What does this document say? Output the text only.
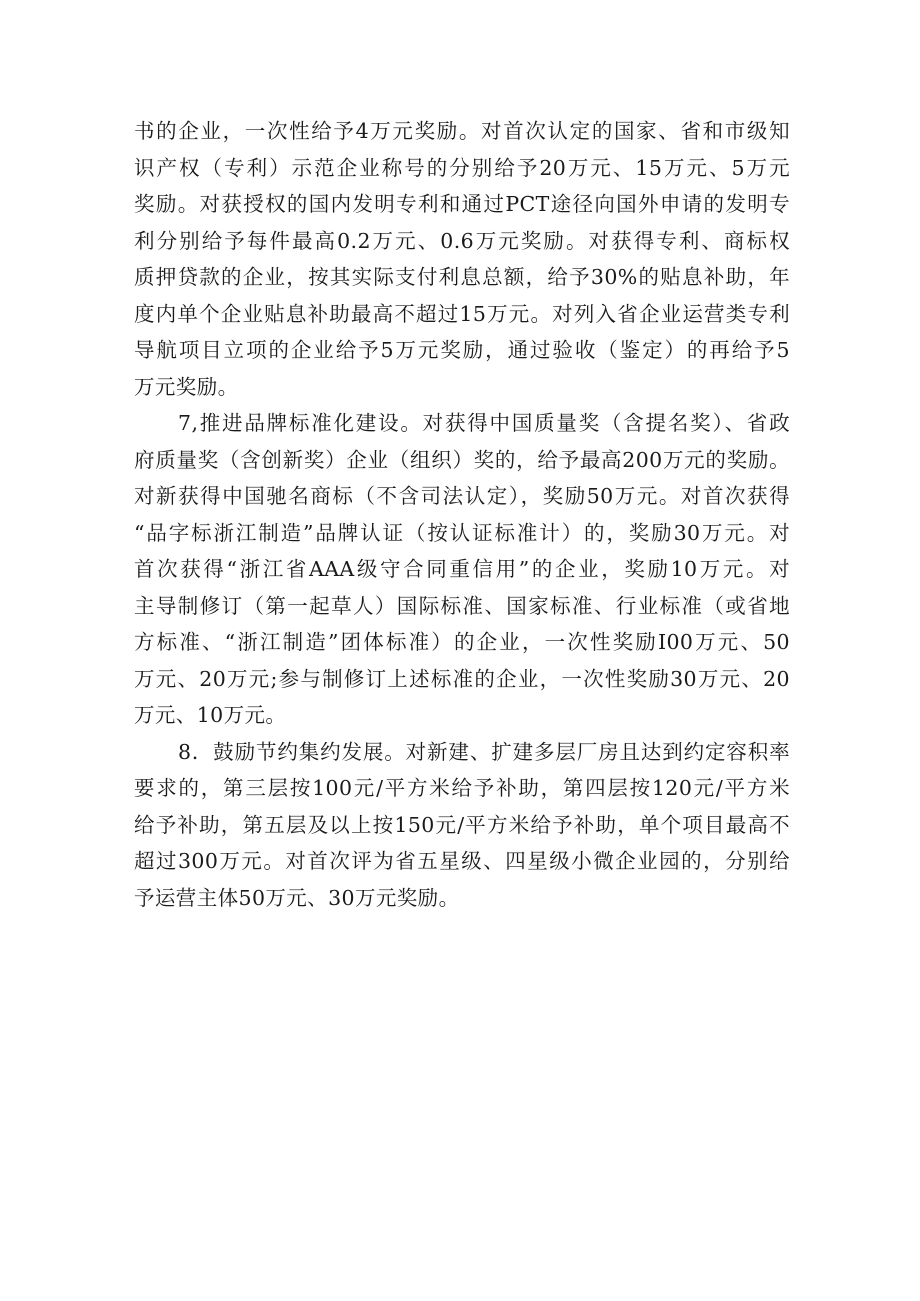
书的企业，一次性给予4万元奖励。对首次认定的国家、省和市级知
识产权（专利）示范企业称号的分别给予20万元、15万元、5万元
奖励。对获授权的国内发明专利和通过PCT途径向国外申请的发明专
利分别给予每件最高0.2万元、0.6万元奖励。对获得专利、商标权
质押贷款的企业，按其实际支付利息总额，给予30%的贴息补助，年
度内单个企业贴息补助最高不超过15万元。对列入省企业运营类专利
导航项目立项的企业给予5万元奖励，通过验收（鉴定）的再给予5
万元奖励。
7,推进品牌标准化建设。对获得中国质量奖（含提名奖）、省政
府质量奖（含创新奖）企业（组织）奖的，给予最高200万元的奖励。
对新获得中国驰名商标（不含司法认定），奖励50万元。对首次获得
“品字标浙江制造”品牌认证（按认证标准计）的，奖励30万元。对
首次获得“浙江省AAA级守合同重信用”的企业，奖励10万元。对
主导制修订（第一起草人）国际标准、国家标准、行业标准（或省地
方标准、“浙江制造”团体标准）的企业，一次性奖励I00万元、50
万元、20万元;参与制修订上述标准的企业，一次性奖励30万元、20
万元、10万元。
8．鼓励节约集约发展。对新建、扩建多层厂房且达到约定容积率
要求的，第三层按100元/平方米给予补助，第四层按120元/平方米
给予补助，第五层及以上按150元/平方米给予补助，单个项目最高不
超过300万元。对首次评为省五星级、四星级小微企业园的，分别给
予运营主体50万元、30万元奖励。
